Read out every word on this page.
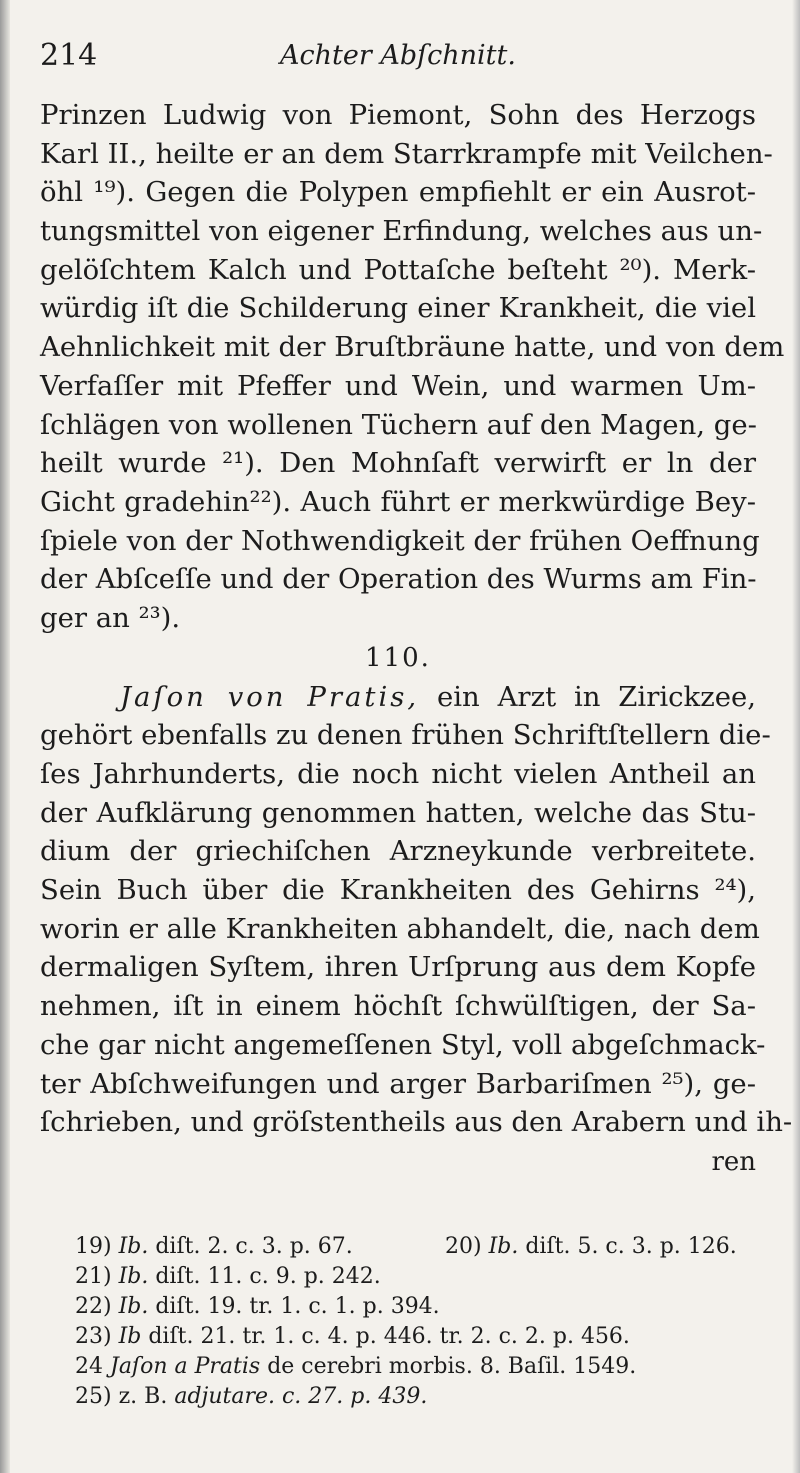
214	Achter Abſchnitt.
Prinzen Ludwig von Piemont, Sohn des Herzogs
Karl II., heilte er an dem Starrkrampfe mit Veilchen-
öhl ¹⁹). Gegen die Polypen empfiehlt er ein Ausrot-
tungsmittel von eigener Erfindung, welches aus un-
gelöſchtem Kalch und Pottaſche beſteht ²⁰). Merk-
würdig iſt die Schilderung einer Krankheit, die viel
Aehnlichkeit mit der Bruſtbräune hatte, und von dem
Verfaſſer mit Pfeffer und Wein, und warmen Um-
ſchlägen von wollenen Tüchern auf den Magen, ge-
heilt wurde ²¹). Den Mohnſaft verwirft er ln der
Gicht gradehin²²). Auch führt er merkwürdige Bey-
ſpiele von der Nothwendigkeit der frühen Oeffnung
der Abſceſſe und der Operation des Wurms am Fin-
ger an ²³).
110.
Jaſon von Pratis, ein Arzt in Zirickzee,
gehört ebenfalls zu denen frühen Schriftſtellern die-
ſes Jahrhunderts, die noch nicht vielen Antheil an
der Aufklärung genommen hatten, welche das Stu-
dium der griechiſchen Arzneykunde verbreitete.
Sein Buch über die Krankheiten des Gehirns ²⁴),
worin er alle Krankheiten abhandelt, die, nach dem
dermaligen Syſtem, ihren Urſprung aus dem Kopfe
nehmen, iſt in einem höchſt ſchwülſtigen, der Sa-
che gar nicht angemeſſenen Styl, voll abgeſchmack-
ter Abſchweifungen und arger Barbariſmen ²⁵), ge-
ſchrieben, und gröſstentheils aus den Arabern und ih-
ren
19) Ib. diſt. 2. c. 3. p. 67.	20) Ib. diſt. 5. c. 3. p. 126.
21) Ib. diſt. 11. c. 9. p. 242.
22) Ib. diſt. 19. tr. 1. c. 1. p. 394.
23) Ib diſt. 21. tr. 1. c. 4. p. 446. tr. 2. c. 2. p. 456.
24 Jaſon a Pratis de cerebri morbis. 8. Baſil. 1549.
25) z. B. adjutare. c. 27. p. 439.
